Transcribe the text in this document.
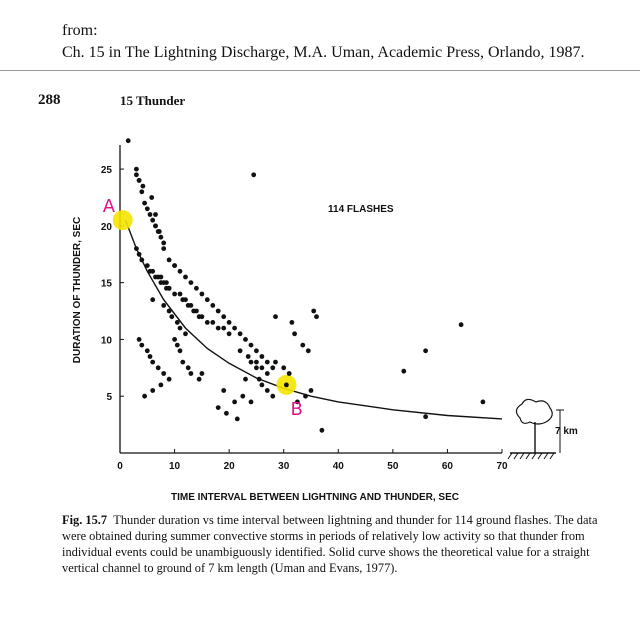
from:
Ch. 15 in The Lightning Discharge, M.A. Uman, Academic Press, Orlando, 1987.
288	15 Thunder
0	10	20	30	40	50	60	70
5
10
15
20
25
TIME INTERVAL BETWEEN LIGHTNING AND THUNDER, SEC
DURATION OF THUNDER, SEC
114 FLASHES
A
B
7 km
Fig. 15.7 Thunder duration vs time interval between lightning and thunder for 114 ground flashes. The data were obtained during summer convective storms in periods of relatively low activity so that thunder from individual events could be unambiguously identified. Solid curve shows the theoretical value for a straight vertical channel to ground of 7 km length (Uman and Evans, 1977).
